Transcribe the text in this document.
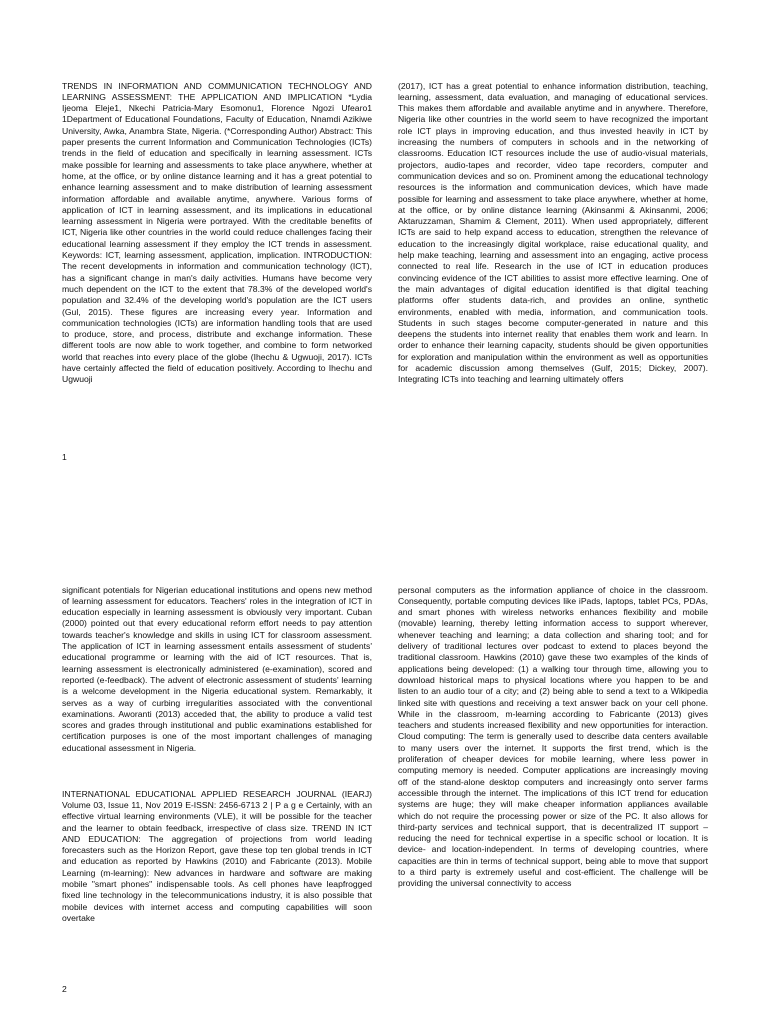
TRENDS IN INFORMATION AND COMMUNICATION TECHNOLOGY AND LEARNING ASSESSMENT: THE APPLICATION AND IMPLICATION *Lydia Ijeoma Eleje1, Nkechi Patricia-Mary Esomonu1, Florence Ngozi Ufearo1 1Department of Educational Foundations, Faculty of Education, Nnamdi Azikiwe University, Awka, Anambra State, Nigeria. (*Corresponding Author) Abstract: This paper presents the current Information and Communication Technologies (ICTs) trends in the field of education and specifically in learning assessment. ICTs make possible for learning and assessments to take place anywhere, whether at home, at the office, or by online distance learning and it has a great potential to enhance learning assessment and to make distribution of learning assessment information affordable and available anytime, anywhere. Various forms of application of ICT in learning assessment, and its implications in educational learning assessment in Nigeria were portrayed. With the creditable benefits of ICT, Nigeria like other countries in the world could reduce challenges facing their educational learning assessment if they employ the ICT trends in assessment. Keywords: ICT, learning assessment, application, implication. INTRODUCTION: The recent developments in information and communication technology (ICT), has a significant change in man's daily activities. Humans have become very much dependent on the ICT to the extent that 78.3% of the developed world's population and 32.4% of the developing world's population are the ICT users (Gul, 2015). These figures are increasing every year. Information and communication technologies (ICTs) are information handling tools that are used to produce, store, and process, distribute and exchange information. These different tools are now able to work together, and combine to form networked world that reaches into every place of the globe (Ihechu & Ugwuoji, 2017). ICTs have certainly affected the field of education positively. According to Ihechu and Ugwuoji

(2017), ICT has a great potential to enhance information distribution, teaching, learning, assessment, data evaluation, and managing of educational services. This makes them affordable and available anytime and in anywhere. Therefore, Nigeria like other countries in the world seem to have recognized the important role ICT plays in improving education, and thus invested heavily in ICT by increasing the numbers of computers in schools and in the networking of classrooms. Education ICT resources include the use of audio-visual materials, projectors, audio-tapes and recorder, video tape recorders, computer and communication devices and so on. Prominent among the educational technology resources is the information and communication devices, which have made possible for learning and assessment to take place anywhere, whether at home, at the office, or by online distance learning (Akinsanmi & Akinsanmi, 2006; Aktaruzzaman, Shamim & Clement, 2011). When used appropriately, different ICTs are said to help expand access to education, strengthen the relevance of education to the increasingly digital workplace, raise educational quality, and help make teaching, learning and assessment into an engaging, active process connected to real life. Research in the use of ICT in education produces convincing evidence of the ICT abilities to assist more effective learning. One of the main advantages of digital education identified is that digital teaching platforms offer students data-rich, and provides an online, synthetic environments, enabled with media, information, and communication tools. Students in such stages become computer-generated in nature and this deepens the students into internet reality that enables them work and learn. In order to enhance their learning capacity, students should be given opportunities for exploration and manipulation within the environment as well as opportunities for academic discussion among themselves (Gulf, 2015; Dickey, 2007). Integrating ICTs into teaching and learning ultimately offers

1

significant potentials for Nigerian educational institutions and opens new method of learning assessment for educators. Teachers' roles in the integration of ICT in education especially in learning assessment is obviously very important. Cuban (2000) pointed out that every educational reform effort needs to pay attention towards teacher's knowledge and skills in using ICT for classroom assessment. The application of ICT in learning assessment entails assessment of students' educational programme or learning with the aid of ICT resources. That is, learning assessment is electronically administered (e-examination), scored and reported (e-feedback). The advent of electronic assessment of students' learning is a welcome development in the Nigeria educational system. Remarkably, it serves as a way of curbing irregularities associated with the conventional examinations. Aworanti (2013) acceded that, the ability to produce a valid test scores and grades through institutional and public examinations established for certification purposes is one of the most important challenges of managing educational assessment in Nigeria.

INTERNATIONAL EDUCATIONAL APPLIED RESEARCH JOURNAL (IEARJ) Volume 03, Issue 11, Nov 2019 E-ISSN: 2456-6713 2 | P a g e Certainly, with an effective virtual learning environments (VLE), it will be possible for the teacher and the learner to obtain feedback, irrespective of class size. TREND IN ICT AND EDUCATION: The aggregation of projections from world leading forecasters such as the Horizon Report, gave these top ten global trends in ICT and education as reported by Hawkins (2010) and Fabricante (2013). Mobile Learning (m-learning): New advances in hardware and software are making mobile "smart phones" indispensable tools. As cell phones have leapfrogged fixed line technology in the telecommunications industry, it is also possible that mobile devices with internet access and computing capabilities will soon overtake

personal computers as the information appliance of choice in the classroom. Consequently, portable computing devices like iPads, laptops, tablet PCs, PDAs, and smart phones with wireless networks enhances flexibility and mobile (movable) learning, thereby letting information access to support wherever, whenever teaching and learning; a data collection and sharing tool; and for delivery of traditional lectures over podcast to extend to places beyond the traditional classroom. Hawkins (2010) gave these two examples of the kinds of applications being developed: (1) a walking tour through time, allowing you to download historical maps to physical locations where you happen to be and listen to an audio tour of a city; and (2) being able to send a text to a Wikipedia linked site with questions and receiving a text answer back on your cell phone. While in the classroom, m-learning according to Fabricante (2013) gives teachers and students increased flexibility and new opportunities for interaction. Cloud computing: The term is generally used to describe data centers available to many users over the internet. It supports the first trend, which is the proliferation of cheaper devices for mobile learning, where less power in computing memory is needed. Computer applications are increasingly moving off of the stand-alone desktop computers and increasingly onto server farms accessible through the internet. The implications of this ICT trend for education systems are huge; they will make cheaper information appliances available which do not require the processing power or size of the PC. It also allows for third-party services and technical support, that is decentralized IT support – reducing the need for technical expertise in a specific school or location. It is device- and location-independent. In terms of developing countries, where capacities are thin in terms of technical support, being able to move that support to a third party is extremely useful and cost-efficient. The challenge will be providing the universal connectivity to access

2
